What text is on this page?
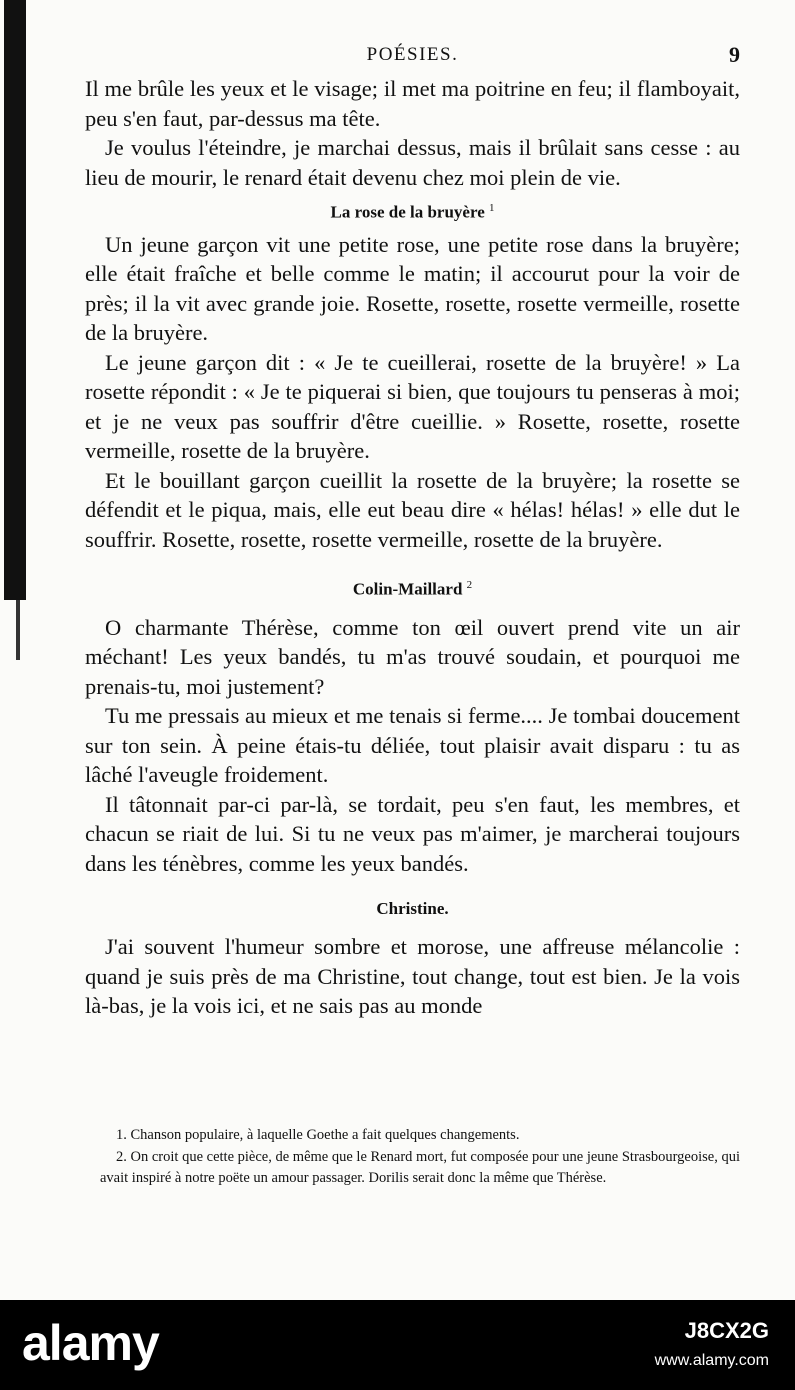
POÉSIES.	9

Il me brûle les yeux et le visage; il met ma poitrine en feu; il flamboyait, peu s'en faut, par-dessus ma tête.

Je voulus l'éteindre, je marchai dessus, mais il brûlait sans cesse : au lieu de mourir, le renard était devenu chez moi plein de vie.

La rose de la bruyère $^1$

Un jeune garçon vit une petite rose, une petite rose dans la bruyère; elle était fraîche et belle comme le matin; il accourut pour la voir de près; il la vit avec grande joie. Rosette, rosette, rosette vermeille, rosette de la bruyère.

Le jeune garçon dit : « Je te cueillerai, rosette de la bruyère! » La rosette répondit : « Je te piquerai si bien, que toujours tu penseras à moi; et je ne veux pas souffrir d'être cueillie. » Rosette, rosette, rosette vermeille, rosette de la bruyère.

Et le bouillant garçon cueillit la rosette de la bruyère; la rosette se défendit et le piqua, mais, elle eut beau dire « hélas! hélas! » elle dut le souffrir. Rosette, rosette, rosette vermeille, rosette de la bruyère.

Colin-Maillard $^2$

O charmante Thérèse, comme ton œil ouvert prend vite un air méchant! Les yeux bandés, tu m'as trouvé soudain, et pourquoi me prenais-tu, moi justement?

Tu me pressais au mieux et me tenais si ferme.... Je tombai doucement sur ton sein. À peine étais-tu déliée, tout plaisir avait disparu : tu as lâché l'aveugle froidement.

Il tâtonnait par-ci par-là, se tordait, peu s'en faut, les membres, et chacun se riait de lui. Si tu ne veux pas m'aimer, je marcherai toujours dans les ténèbres, comme les yeux bandés.

Christine.

J'ai souvent l'humeur sombre et morose, une affreuse mélancolie : quand je suis près de ma Christine, tout change, tout est bien. Je la vois là-bas, je la vois ici, et ne sais pas au monde

1. Chanson populaire, à laquelle Goethe a fait quelques changements.

2. On croit que cette pièce, de même que le Renard mort, fut composée pour une jeune Strasbourgeoise, qui avait inspiré à notre poëte un amour passager. Dorilis serait donc la même que Thérèse.

alamy	J8CX2G
www.alamy.com
